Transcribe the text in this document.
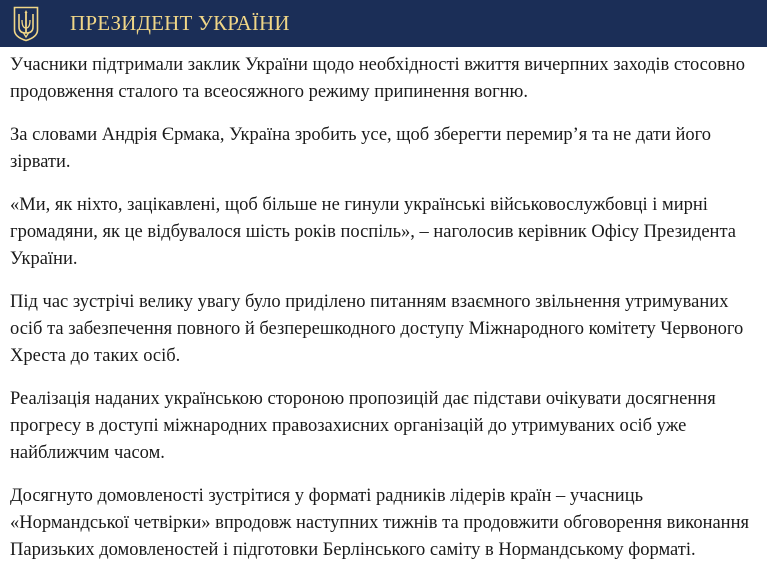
ПРЕЗИДЕНТ УКРАЇНИ

Учасники підтримали заклик України щодо необхідності вжиття вичерпних заходів стосовно продовження сталого та всеосяжного режиму припинення вогню.

За словами Андрія Єрмака, Україна зробить усе, щоб зберегти перемир’я та не дати його зірвати.

«Ми, як ніхто, зацікавлені, щоб більше не гинули українські військовослужбовці і мирні громадяни, як це відбувалося шість років поспіль», – наголосив керівник Офісу Президента України.

Під час зустрічі велику увагу було приділено питанням взаємного звільнення утримуваних осіб та забезпечення повного й безперешкодного доступу Міжнародного комітету Червоного Хреста до таких осіб.

Реалізація наданих українською стороною пропозицій дає підстави очікувати досягнення прогресу в доступі міжнародних правозахисних організацій до утримуваних осіб уже найближчим часом.

Досягнуто домовленості зустрітися у форматі радників лідерів країн – учасниць «Нормандської четвірки» впродовж наступних тижнів та продовжити обговорення виконання Паризьких домовленостей і підготовки Берлінського саміту в Нормандському форматі.
